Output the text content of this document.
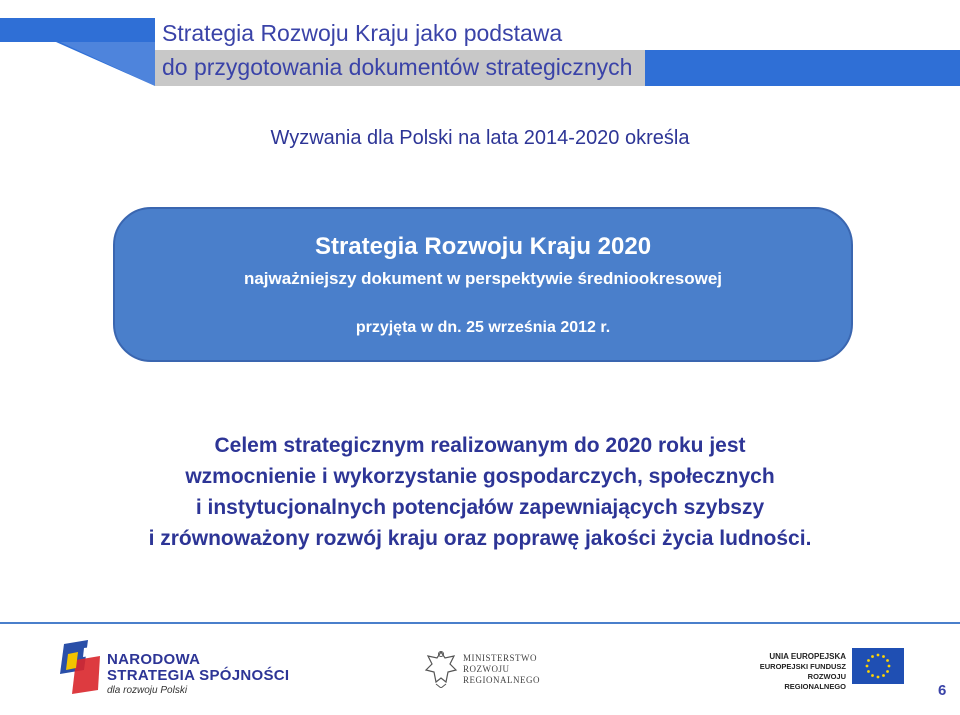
Strategia Rozwoju Kraju jako podstawa
do przygotowania dokumentów strategicznych
Wyzwania dla Polski na lata 2014-2020 określa
Strategia Rozwoju Kraju 2020
najważniejszy dokument w perspektywie średniookresowej
przyjęta w dn. 25 września 2012 r.
Celem strategicznym realizowanym do 2020 roku jest
wzmocnienie i wykorzystanie gospodarczych, społecznych
i instytucjonalnych potencjałów zapewniających szybszy
i zrównoważony rozwój kraju oraz poprawę jakości życia ludności.
NARODOWA
STRATEGIA SPÓJNOŚCI
dla rozwoju Polski
MINISTERSTWO
ROZWOJU
REGIONALNEGO
UNIA EUROPEJSKA
EUROPEJSKI FUNDUSZ
ROZWOJU REGIONALNEGO	6
